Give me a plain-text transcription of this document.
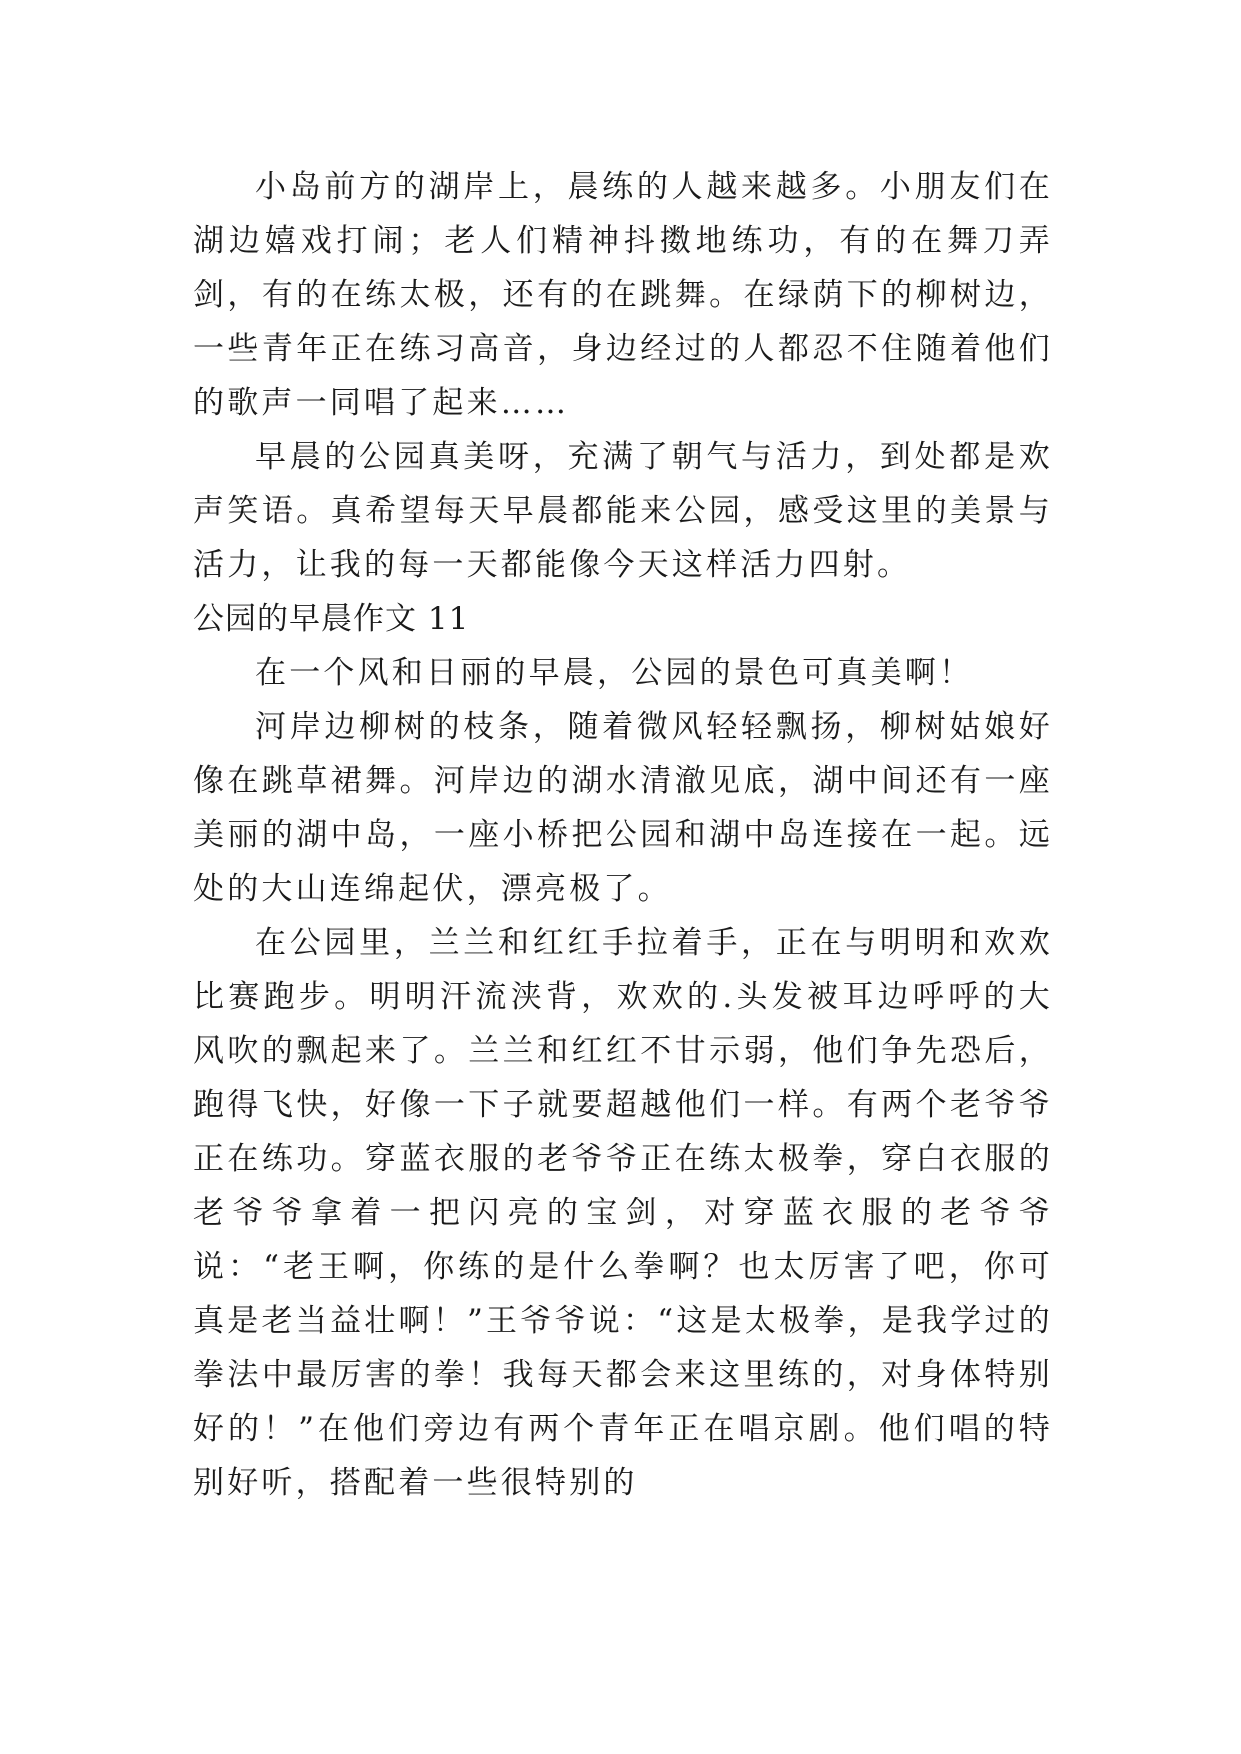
小岛前方的湖岸上，晨练的人越来越多。小朋友们在湖边嬉戏打闹；老人们精神抖擞地练功，有的在舞刀弄剑，有的在练太极，还有的在跳舞。在绿荫下的柳树边，一些青年正在练习高音，身边经过的人都忍不住随着他们的歌声一同唱了起来……

早晨的公园真美呀，充满了朝气与活力，到处都是欢声笑语。真希望每天早晨都能来公园，感受这里的美景与活力，让我的每一天都能像今天这样活力四射。

公园的早晨作文 11

在一个风和日丽的早晨，公园的景色可真美啊！

河岸边柳树的枝条，随着微风轻轻飘扬，柳树姑娘好像在跳草裙舞。河岸边的湖水清澈见底，湖中间还有一座美丽的湖中岛，一座小桥把公园和湖中岛连接在一起。远处的大山连绵起伏，漂亮极了。

在公园里，兰兰和红红手拉着手，正在与明明和欢欢比赛跑步。明明汗流浃背，欢欢的.头发被耳边呼呼的大风吹的飘起来了。兰兰和红红不甘示弱，他们争先恐后，跑得飞快，好像一下子就要超越他们一样。有两个老爷爷正在练功。穿蓝衣服的老爷爷正在练太极拳，穿白衣服的老爷爷拿着一把闪亮的宝剑，对穿蓝衣服的老爷爷说：“老王啊，你练的是什么拳啊？也太厉害了吧，你可真是老当益壮啊！”王爷爷说：“这是太极拳，是我学过的拳法中最厉害的拳！我每天都会来这里练的，对身体特别好的！”在他们旁边有两个青年正在唱京剧。他们唱的特别好听，搭配着一些很特别的
